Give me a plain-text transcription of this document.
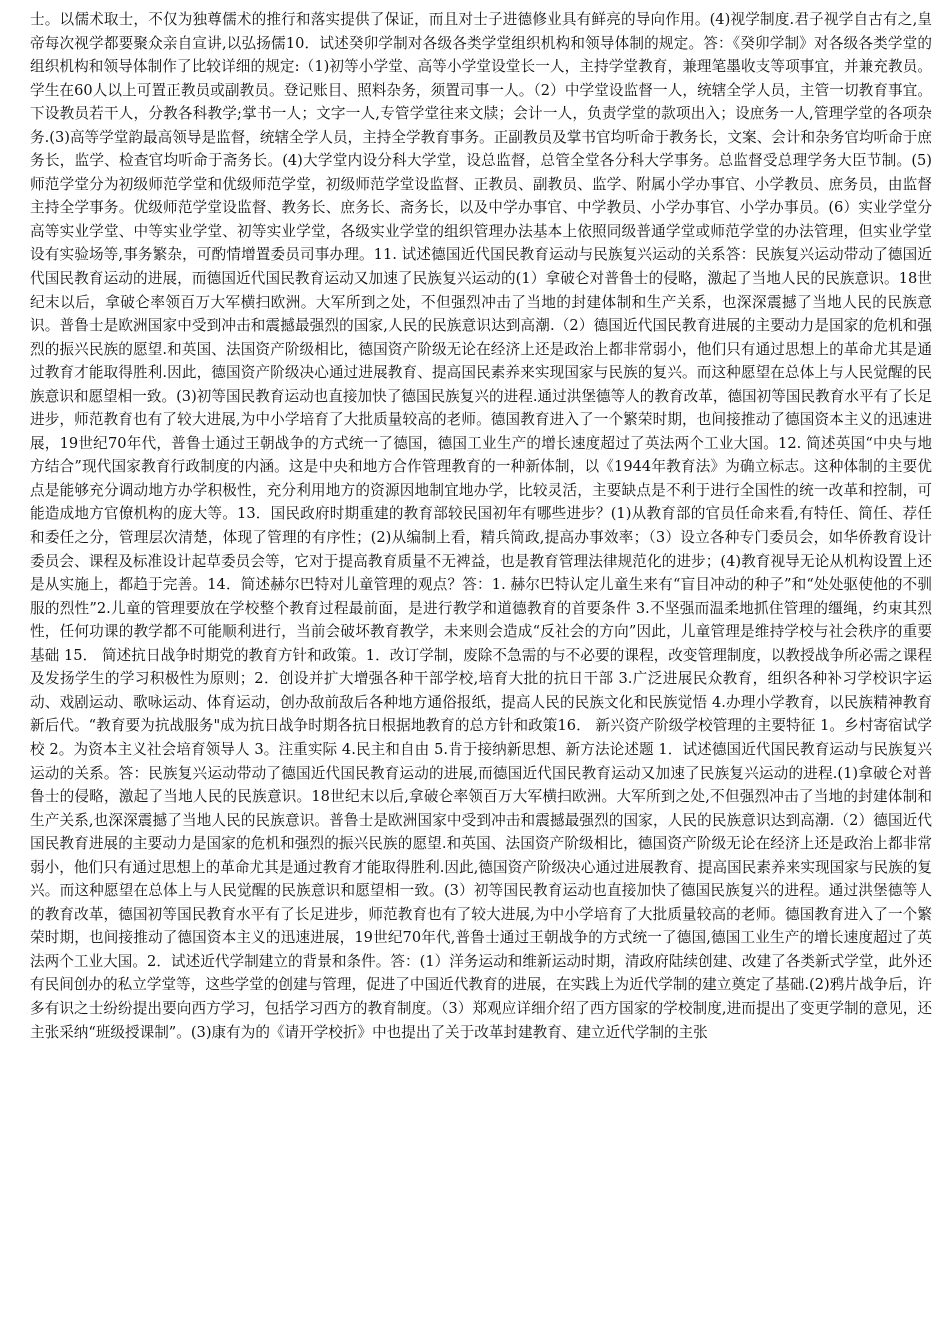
士。以儒术取士，不仅为独尊儒术的推行和落实提供了保证，而且对士子进德修业具有鲜亮的导向作用。(4)视学制度.君子视学自古有之,皇帝每次视学都要聚众亲自宣讲,以弘扬儒10．试述癸卯学制对各级各类学堂组织机构和领导体制的规定。答：《癸卯学制》对各级各类学堂的组织机构和领导体制作了比较详细的规定:（1)初等小学堂、高等小学堂设堂长一人，主持学堂教育，兼理笔墨收支等项事宜，并兼充教员。学生在60人以上可置正教员或副教员。登记账目、照料杂务，须置司事一人。（2）中学堂设监督一人，统辖全学人员，主管一切教育事宜。下设教员若干人，分教各科教学;掌书一人；文字一人,专管学堂往来文牍；会计一人，负责学堂的款项出入；设庶务一人,管理学堂的各项杂务.(3)高等学堂韵最高领导是监督，统辖全学人员，主持全学教育事务。正副教员及掌书官均听命于教务长，文案、会计和杂务官均听命于庶务长，监学、检查官均听命于斋务长。(4)大学堂内设分科大学堂，设总监督，总管全堂各分科大学事务。总监督受总理学务大臣节制。(5)师范学堂分为初级师范学堂和优级师范学堂，初级师范学堂设监督、正教员、副教员、监学、附属小学办事官、小学教员、庶务员，由监督主持全学事务。优级师范学堂设监督、教务长、庶务长、斋务长，以及中学办事官、中学教员、小学办事官、小学办事员。(6）实业学堂分高等实业学堂、中等实业学堂、初等实业学堂，各级实业学堂的组织管理办法基本上依照同级普通学堂或师范学堂的办法管理，但实业学堂设有实验场等,事务繁杂，可酌情增置委员司事办理。11. 试述德国近代国民教育运动与民族复兴运动的关系答：民族复兴运动带动了德国近代国民教育运动的进展，而德国近代国民教育运动又加速了民族复兴运动的(1）拿破仑对普鲁士的侵略，激起了当地人民的民族意识。18世纪末以后，拿破仑率领百万大军横扫欧洲。大军所到之处，不但强烈冲击了当地的封建体制和生产关系，也深深震撼了当地人民的民族意识。普鲁士是欧洲国家中受到冲击和震撼最强烈的国家,人民的民族意识达到高潮.（2）德国近代国民教育进展的主要动力是国家的危机和强烈的振兴民族的愿望.和英国、法国资产阶级相比，德国资产阶级无论在经济上还是政治上都非常弱小，他们只有通过思想上的革命尤其是通过教育才能取得胜利.因此，德国资产阶级决心通过进展教育、提高国民素养来实现国家与民族的复兴。而这种愿望在总体上与人民觉醒的民族意识和愿望相一致。(3)初等国民教育运动也直接加快了德国民族复兴的进程.通过洪堡德等人的教育改革，德国初等国民教育水平有了长足进步，师范教育也有了较大进展,为中小学培育了大批质量较高的老师。德国教育进入了一个繁荣时期，也间接推动了德国资本主义的迅速进展，19世纪70年代，普鲁士通过王朝战争的方式统一了德国，德国工业生产的增长速度超过了英法两个工业大国。12. 简述英国“中央与地方结合”现代国家教育行政制度的内涵。这是中央和地方合作管理教育的一种新体制，以《1944年教育法》为确立标志。这种体制的主要优点是能够充分调动地方办学积极性，充分利用地方的资源因地制宜地办学，比较灵活，主要缺点是不利于进行全国性的统一改革和控制，可能造成地方官僚机构的庞大等。13．国民政府时期重建的教育部较民国初年有哪些进步？(1)从教育部的官员任命来看,有特任、简任、荐任和委任之分，管理层次清楚，体现了管理的有序性；(2)从编制上看，精兵简政,提高办事效率；（3）设立各种专门委员会，如华侨教育设计委员会、课程及标准设计起草委员会等，它对于提高教育质量不无裨益，也是教育管理法律规范化的进步；(4)教育视导无论从机构设置上还是从实施上，都趋于完善。14．简述赫尔巴特对儿童管理的观点？答：1. 赫尔巴特认定儿童生来有“盲目冲动的种子”和“处处驱使他的不驯服的烈性”2.儿童的管理要放在学校整个教育过程最前面，是进行教学和道德教育的首要条件 3.不坚强而温柔地抓住管理的缰绳，约束其烈性，任何功课的教学都不可能顺利进行，当前会破坏教育教学，未来则会造成“反社会的方向”因此，儿童管理是维持学校与社会秩序的重要基础 15． 简述抗日战争时期党的教育方针和政策。1．改订学制，废除不急需的与不必要的课程，改变管理制度，以教授战争所必需之课程及发扬学生的学习积极性为原则；2．创设并扩大增强各种干部学校,培育大批的抗日干部 3.广泛进展民众教育，组织各种补习学校识字运动、戏剧运动、歌咏运动、体育运动，创办敌前敌后各种地方通俗报纸，提高人民的民族文化和民族觉悟 4.办理小学教育，以民族精神教育新后代。“教育要为抗战服务"成为抗日战争时期各抗日根据地教育的总方针和政策16． 新兴资产阶级学校管理的主要特征 1。乡村寄宿试学校 2。为资本主义社会培育领导人 3。注重实际 4.民主和自由 5.肯于接纳新思想、新方法论述题 1．试述德国近代国民教育运动与民族复兴运动的关系。答：民族复兴运动带动了德国近代国民教育运动的进展,而德国近代国民教育运动又加速了民族复兴运动的进程.(1)拿破仑对普鲁士的侵略，激起了当地人民的民族意识。18世纪末以后,拿破仑率领百万大军横扫欧洲。大军所到之处,不但强烈冲击了当地的封建体制和生产关系,也深深震撼了当地人民的民族意识。普鲁士是欧洲国家中受到冲击和震撼最强烈的国家，人民的民族意识达到高潮.（2）德国近代国民教育进展的主要动力是国家的危机和强烈的振兴民族的愿望.和英国、法国资产阶级相比，德国资产阶级无论在经济上还是政治上都非常弱小，他们只有通过思想上的革命尤其是通过教育才能取得胜利.因此,德国资产阶级决心通过进展教育、提高国民素养来实现国家与民族的复兴。而这种愿望在总体上与人民觉醒的民族意识和愿望相一致。(3）初等国民教育运动也直接加快了德国民族复兴的进程。通过洪堡德等人的教育改革，德国初等国民教育水平有了长足进步，师范教育也有了较大进展,为中小学培育了大批质量较高的老师。德国教育进入了一个繁荣时期，也间接推动了德国资本主义的迅速进展，19世纪70年代,普鲁士通过王朝战争的方式统一了德国,德国工业生产的增长速度超过了英法两个工业大国。2．试述近代学制建立的背景和条件。答：(1）洋务运动和维新运动时期，清政府陆续创建、改建了各类新式学堂，此外还有民间创办的私立学堂等，这些学堂的创建与管理，促进了中国近代教育的进展，在实践上为近代学制的建立奠定了基础.(2)鸦片战争后，许多有识之士纷纷提出要向西方学习，包括学习西方的教育制度。（3）郑观应详细介绍了西方国家的学校制度,进而提出了变更学制的意见，还主张采纳“班级授课制”。(3)康有为的《请开学校折》中也提出了关于改革封建教育、建立近代学制的主张
